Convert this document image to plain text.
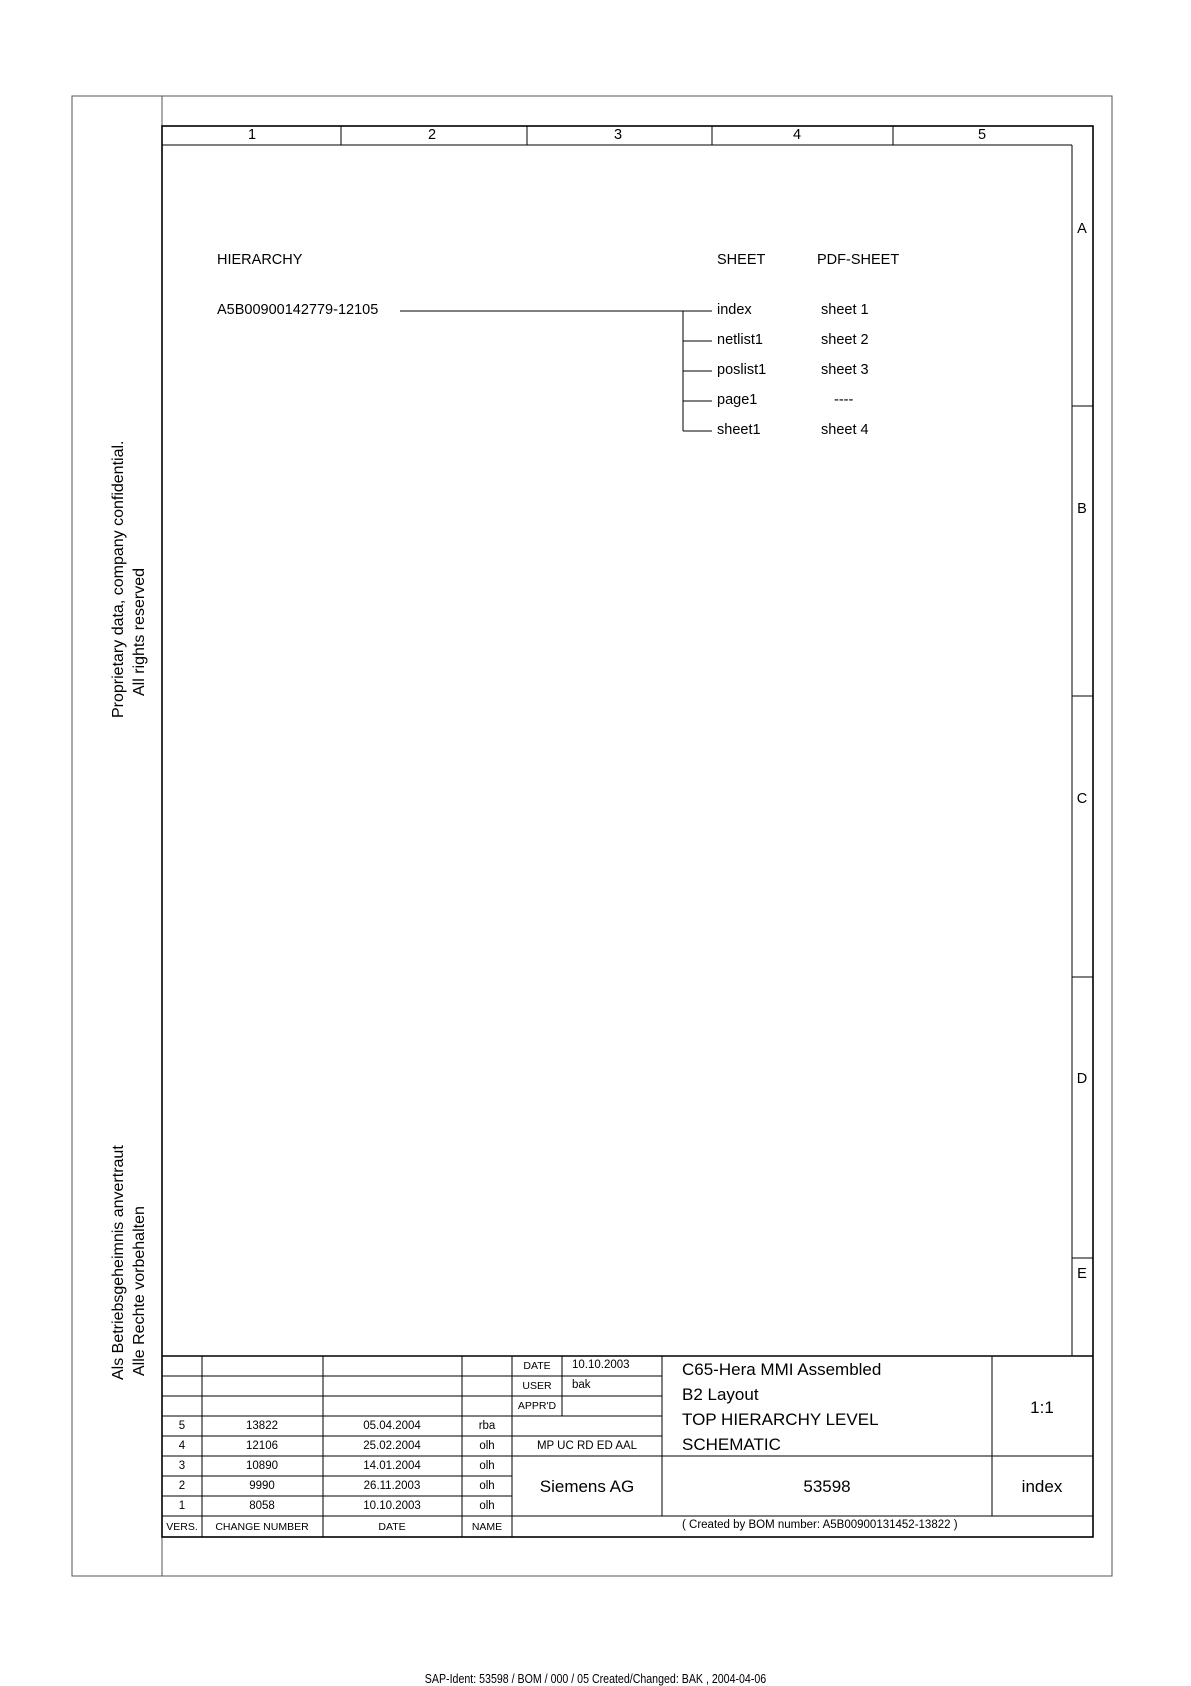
Proprietary data, company confidential. All rights reserved
Als Betriebsgeheimnis anvertraut Alle Rechte vorbehalten
1	2	3	4	5
A
B
C
D
E
HIERARCHY	SHEET	PDF-SHEET
A5B00900142779-12105	index	sheet 1
netlist1	sheet 2
poslist1	sheet 3
page1	----
sheet1	sheet 4
5	13822	05.04.2004	rba
4	12106	25.02.2004	olh
3	10890	14.01.2004	olh
2	9990	26.11.2003	olh
1	8058	10.10.2003	olh
VERS. CHANGE NUMBER	DATE	NAME
DATE 10.10.2003
USER bak
APPR'D
MP UC RD ED AAL
Siemens AG
C65-Hera MMI Assembled
B2 Layout
TOP HIERARCHY LEVEL
SCHEMATIC
1:1
53598	index
( Created by BOM number: A5B00900131452-13822 )
SAP-Ident: 53598 / BOM / 000 / 05 Created/Changed: BAK , 2004-04-06
